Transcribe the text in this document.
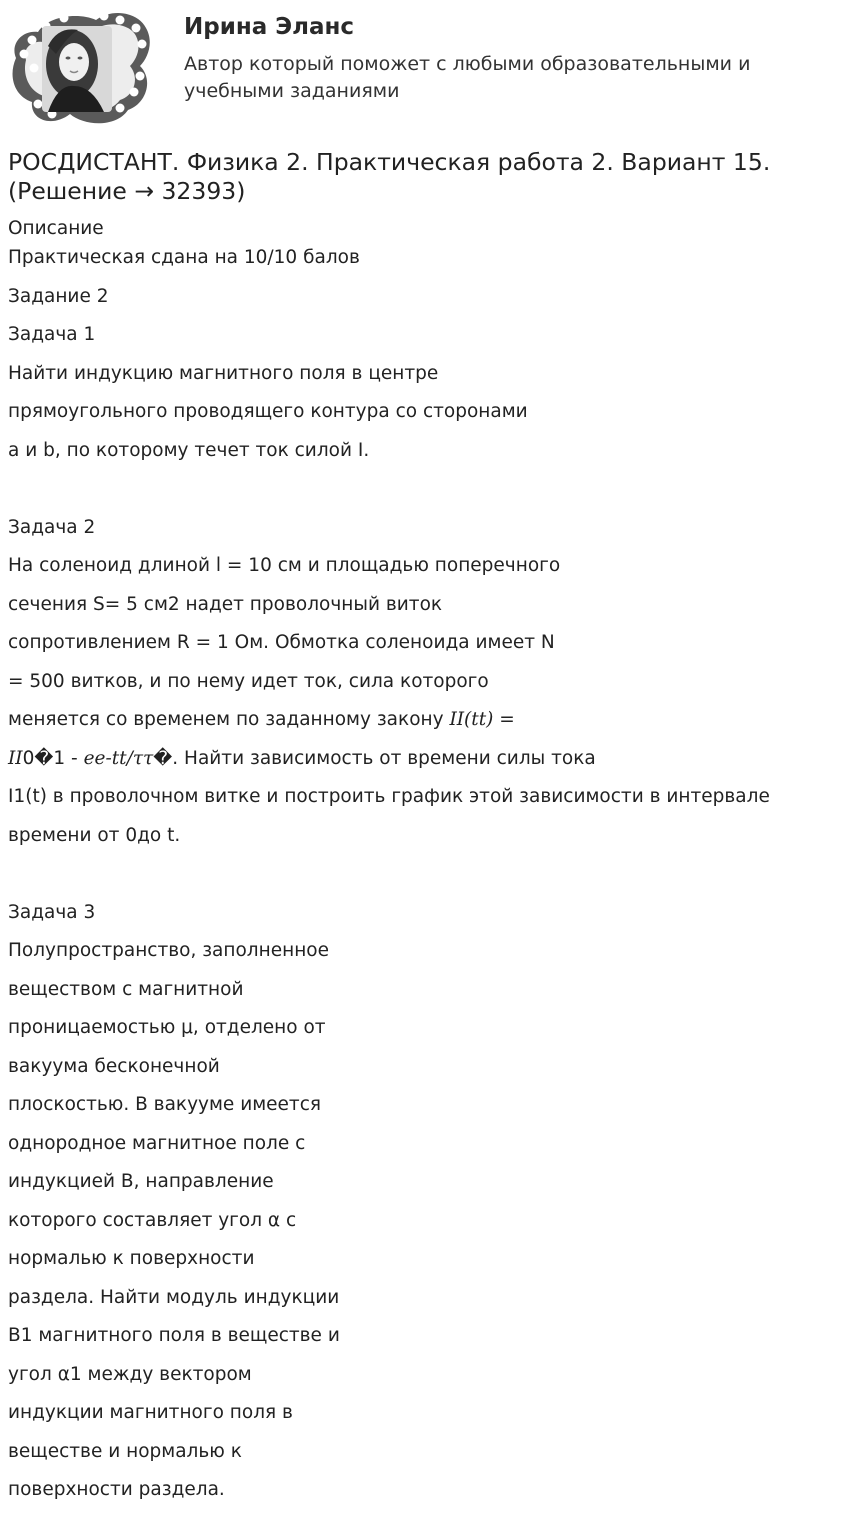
Ирина Эланс
Автор который поможет с любыми образовательными и учебными заданиями
РОСДИСТАНТ. Физика 2. Практическая работа 2. Вариант 15. (Решение → 32393)
Описание
Практическая сдана на 10/10 балов
Задание 2
Задача 1
Найти индукцию магнитного поля в центре
прямоугольного проводящего контура со сторонами
a и b, по которому течет ток силой I.
Задача 2
На соленоид длиной l = 10 см и площадью поперечного
сечения S= 5 см2 надет проволочный виток
сопротивлением R = 1 Ом. Обмотка соленоида имеет N
= 500 витков, и по нему идет ток, сила которого
меняется со временем по заданному закону II(tt) =
II0�1 - ee-tt/ττ�. Найти зависимость от времени силы тока
I1(t) в проволочном витке и построить график этой зависимости в интервале
времени от 0до t.
Задача 3
Полупространство, заполненное
веществом с магнитной
проницаемостью μ, отделено от
вакуума бесконечной
плоскостью. В вакууме имеется
однородное магнитное поле с
индукцией B, направление
которого составляет угол α с
нормалью к поверхности
раздела. Найти модуль индукции
B1 магнитного поля в веществе и
угол α1 между вектором
индукции магнитного поля в
веществе и нормалью к
поверхности раздела.
